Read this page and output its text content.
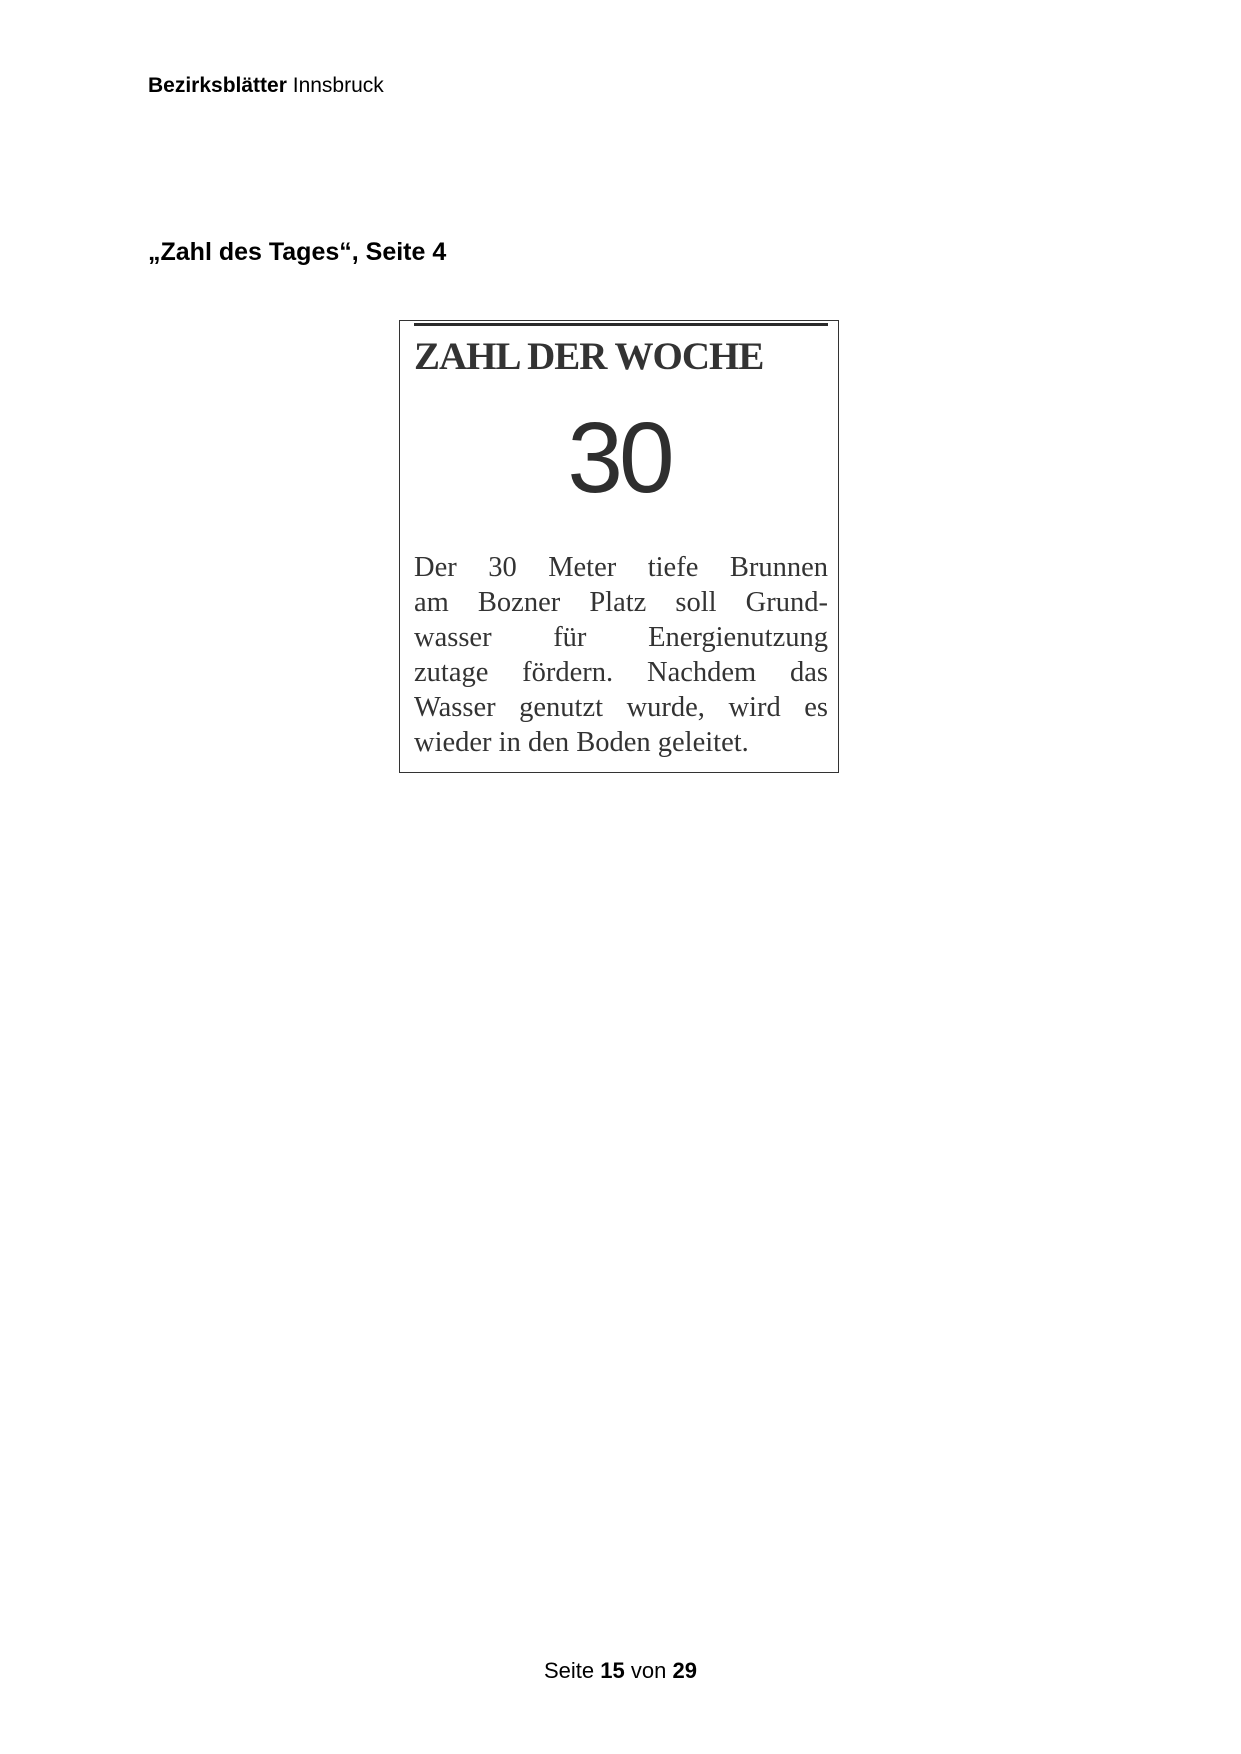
Bezirksblätter Innsbruck
„Zahl des Tages“, Seite 4
ZAHL DER WOCHE
30
Der 30 Meter tiefe Brunnen
am Bozner Platz soll Grund-
wasser für Energienutzung
zutage fördern. Nachdem das
Wasser genutzt wurde, wird es
wieder in den Boden geleitet.
Seite 15 von 29
